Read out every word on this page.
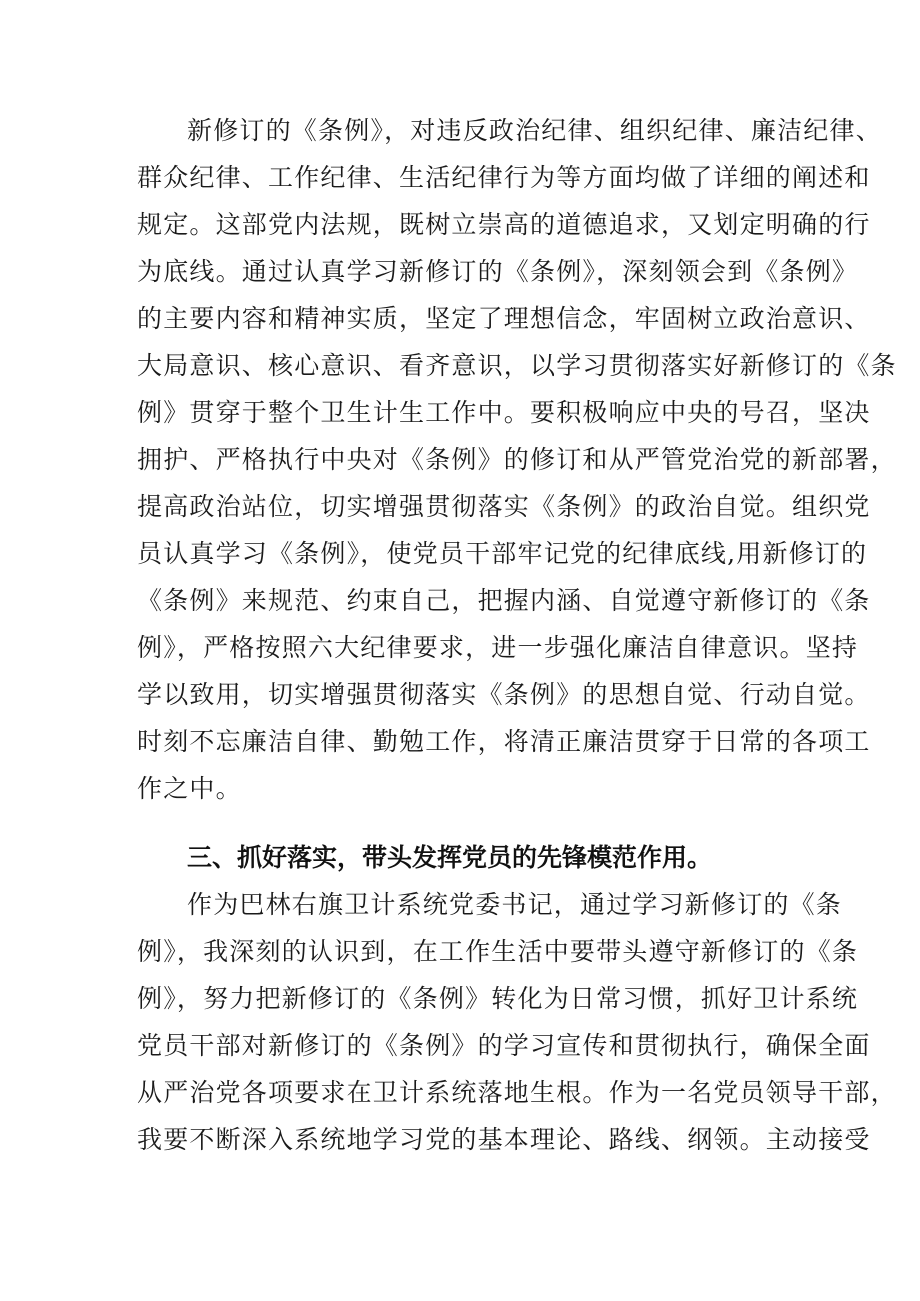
新修订的《条例》，对违反政治纪律、组织纪律、廉洁纪律、
群众纪律、工作纪律、生活纪律行为等方面均做了详细的阐述和
规定。这部党内法规，既树立崇高的道德追求，又划定明确的行
为底线。通过认真学习新修订的《条例》，深刻领会到《条例》
的主要内容和精神实质，坚定了理想信念，牢固树立政治意识、
大局意识、核心意识、看齐意识，以学习贯彻落实好新修订的《条
例》贯穿于整个卫生计生工作中。要积极响应中央的号召，坚决
拥护、严格执行中央对《条例》的修订和从严管党治党的新部署，
提高政治站位，切实增强贯彻落实《条例》的政治自觉。组织党
员认真学习《条例》，使党员干部牢记党的纪律底线,用新修订的
《条例》来规范、约束自己，把握内涵、自觉遵守新修订的《条
例》，严格按照六大纪律要求，进一步强化廉洁自律意识。坚持
学以致用，切实增强贯彻落实《条例》的思想自觉、行动自觉。
时刻不忘廉洁自律、勤勉工作，将清正廉洁贯穿于日常的各项工
作之中。
三、抓好落实，带头发挥党员的先锋模范作用。
作为巴林右旗卫计系统党委书记，通过学习新修订的《条
例》，我深刻的认识到，在工作生活中要带头遵守新修订的《条
例》，努力把新修订的《条例》转化为日常习惯，抓好卫计系统
党员干部对新修订的《条例》的学习宣传和贯彻执行，确保全面
从严治党各项要求在卫计系统落地生根。作为一名党员领导干部，
我要不断深入系统地学习党的基本理论、路线、纲领。主动接受
